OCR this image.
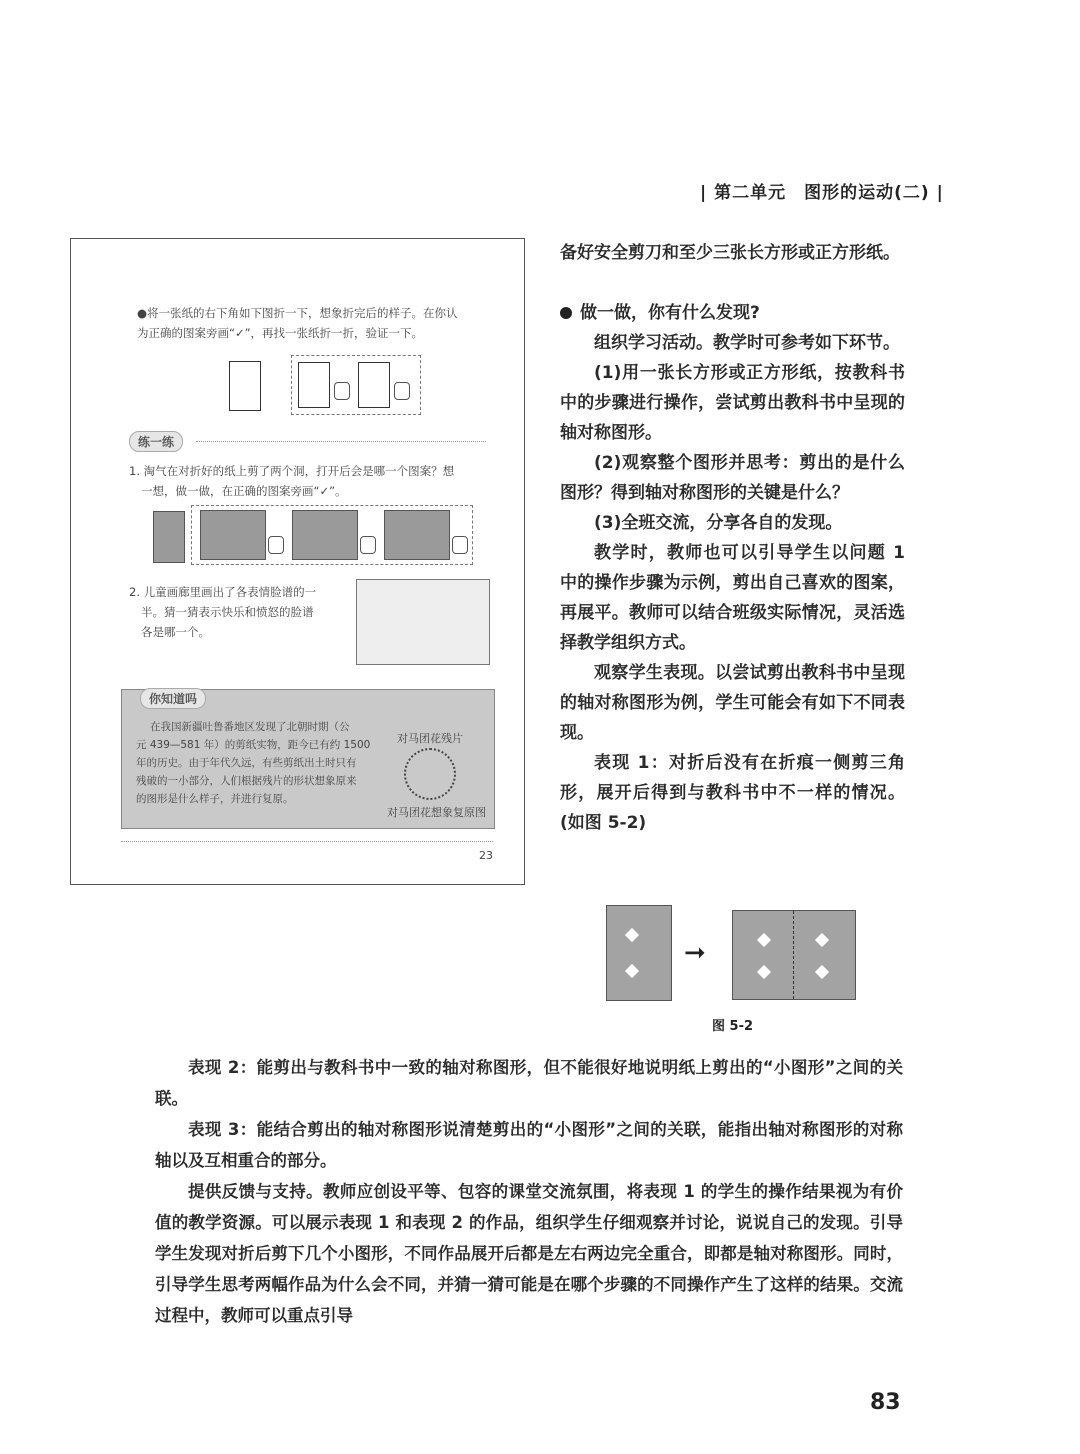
| 第二单元　图形的运动(二) |
●将一张纸的右下角如下图折一下，想象折完后的样子。在你认
为正确的图案旁画“✓”，再找一张纸折一折，验证一下。
练一练
1. 淘气在对折好的纸上剪了两个洞，打开后会是哪一个图案？想
一想，做一做，在正确的图案旁画“✓”。
2. 儿童画廊里画出了各表情脸谱的一
半。猜一猜表示快乐和愤怒的脸谱
各是哪一个。
你知道吗
在我国新疆吐鲁番地区发现了北朝时期（公
元 439—581 年）的剪纸实物，距今已有约 1500
年的历史。由于年代久远，有些剪纸出土时只有
残破的一小部分，人们根据残片的形状想象原来
的图形是什么样子，并进行复原。
对马团花残片
对马团花想象复原图
23

备好安全剪刀和至少三张长方形或正方形纸。

做一做，你有什么发现?

组织学习活动。教学时可参考如下环节。

(1)用一张长方形或正方形纸，按教科书中的步骤进行操作，尝试剪出教科书中呈现的轴对称图形。

(2)观察整个图形并思考：剪出的是什么图形？得到轴对称图形的关键是什么？

(3)全班交流，分享各自的发现。

教学时，教师也可以引导学生以问题 1 中的操作步骤为示例，剪出自己喜欢的图案，再展平。教师可以结合班级实际情况，灵活选择教学组织方式。

观察学生表现。以尝试剪出教科书中呈现的轴对称图形为例，学生可能会有如下不同表现。

表现 1：对折后没有在折痕一侧剪三角形，展开后得到与教科书中不一样的情况。(如图 5-2)

➞
图 5-2

表现 2：能剪出与教科书中一致的轴对称图形，但不能很好地说明纸上剪出的“小图形”之间的关联。

表现 3：能结合剪出的轴对称图形说清楚剪出的“小图形”之间的关联，能指出轴对称图形的对称轴以及互相重合的部分。

提供反馈与支持。教师应创设平等、包容的课堂交流氛围，将表现 1 的学生的操作结果视为有价值的教学资源。可以展示表现 1 和表现 2 的作品，组织学生仔细观察并讨论，说说自己的发现。引导学生发现对折后剪下几个小图形，不同作品展开后都是左右两边完全重合，即都是轴对称图形。同时，引导学生思考两幅作品为什么会不同，并猜一猜可能是在哪个步骤的不同操作产生了这样的结果。交流过程中，教师可以重点引导

83
